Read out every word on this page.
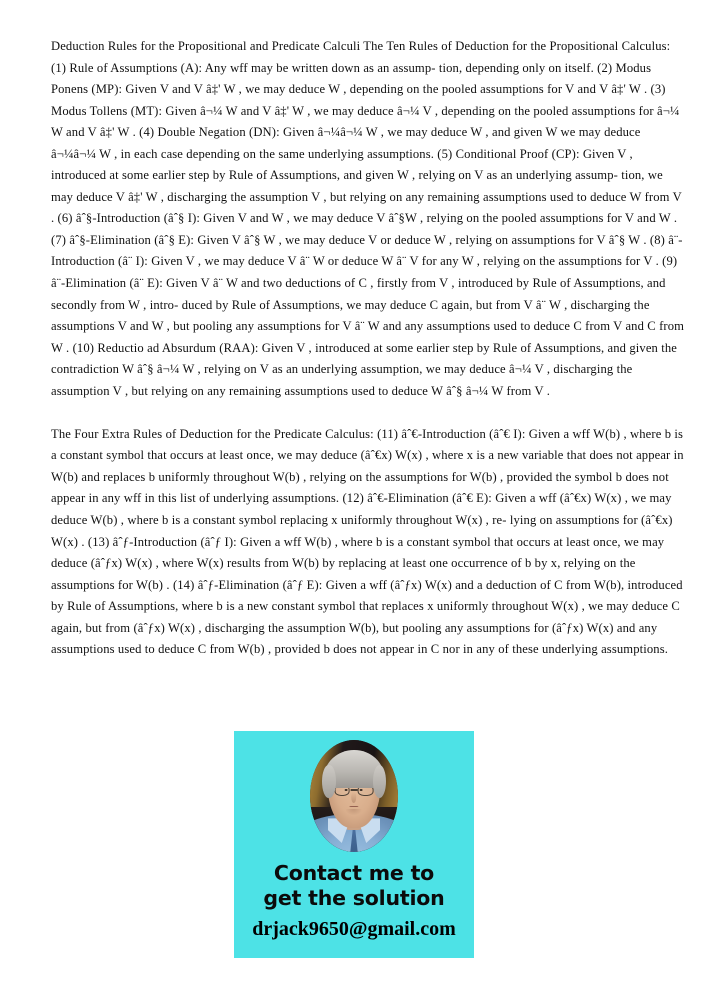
Deduction Rules for the Propositional and Predicate Calculi The Ten Rules of Deduction for the Propositional Calculus: (1) Rule of Assumptions (A): Any wff may be written down as an assump- tion, depending only on itself. (2) Modus Ponens (MP): Given V and V â‡' W , we may deduce W , depending on the pooled assumptions for V and V â‡' W . (3) Modus Tollens (MT): Given â¬¼ W and V â‡' W , we may deduce â¬¼ V , depending on the pooled assumptions for â¬¼ W and V â‡' W . (4) Double Negation (DN): Given â¬¼â¬¼ W , we may deduce W , and given W we may deduce â¬¼â¬¼ W , in each case depending on the same underlying assumptions. (5) Conditional Proof (CP): Given V , introduced at some earlier step by Rule of Assumptions, and given W , relying on V as an underlying assump- tion, we may deduce V â‡' W , discharging the assumption V , but relying on any remaining assumptions used to deduce W from V . (6) âˆ§-Introduction (âˆ§ I): Given V and W , we may deduce V âˆ§W , relying on the pooled assumptions for V and W . (7) âˆ§-Elimination (âˆ§ E): Given V âˆ§ W , we may deduce V or deduce W , relying on assumptions for V âˆ§ W . (8) â¨-Introduction (â¨ I): Given V , we may deduce V â¨ W or deduce W â¨ V for any W , relying on the assumptions for V . (9) â¨-Elimination (â¨ E): Given V â¨ W and two deductions of C , firstly from V , introduced by Rule of Assumptions, and secondly from W , intro- duced by Rule of Assumptions, we may deduce C again, but from V â¨ W , discharging the assumptions V and W , but pooling any assumptions for V â¨ W and any assumptions used to deduce C from V and C from W . (10) Reductio ad Absurdum (RAA): Given V , introduced at some earlier step by Rule of Assumptions, and given the contradiction W âˆ§ â¬¼ W , relying on V as an underlying assumption, we may deduce â¬¼ V , discharging the assumption V , but relying on any remaining assumptions used to deduce W âˆ§ â¬¼ W from V .

The Four Extra Rules of Deduction for the Predicate Calculus: (11) âˆ€-Introduction (âˆ€ I): Given a wff W(b) , where b is a constant symbol that occurs at least once, we may deduce (âˆ€x) W(x) , where x is a new variable that does not appear in W(b) and replaces b uniformly throughout W(b) , relying on the assumptions for W(b) , provided the symbol b does not appear in any wff in this list of underlying assumptions. (12) âˆ€-Elimination (âˆ€ E): Given a wff (âˆ€x) W(x) , we may deduce W(b) , where b is a constant symbol replacing x uniformly throughout W(x) , re- lying on assumptions for (âˆ€x) W(x) . (13) âˆƒ-Introduction (âˆƒ I): Given a wff W(b) , where b is a constant symbol that occurs at least once, we may deduce (âˆƒx) W(x) , where W(x) results from W(b) by replacing at least one occurrence of b by x, relying on the assumptions for W(b) . (14) âˆƒ-Elimination (âˆƒ E): Given a wff (âˆƒx) W(x) and a deduction of C from W(b), introduced by Rule of Assumptions, where b is a new constant symbol that replaces x uniformly throughout W(x) , we may deduce C again, but from (âˆƒx) W(x) , discharging the assumption W(b), but pooling any assumptions for (âˆƒx) W(x) and any assumptions used to deduce C from W(b) , provided b does not appear in C nor in any of these underlying assumptions.

Contact me to
get the solution
drjack9650@gmail.com
